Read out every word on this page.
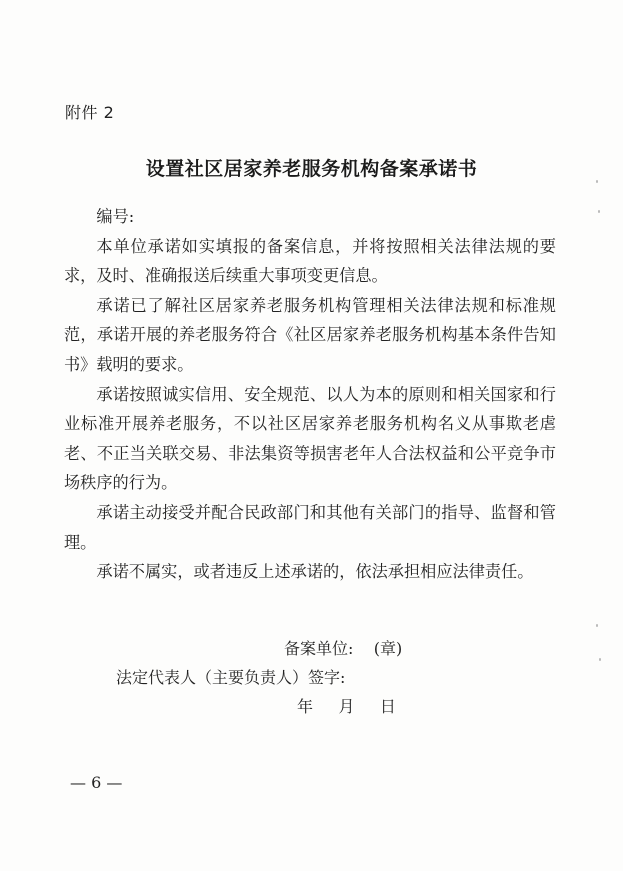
附件 2
设置社区居家养老服务机构备案承诺书

编号:

本单位承诺如实填报的备案信息，并将按照相关法律法规的要求，及时、准确报送后续重大事项变更信息。

承诺已了解社区居家养老服务机构管理相关法律法规和标准规范，承诺开展的养老服务符合《社区居家养老服务机构基本条件告知书》载明的要求。

承诺按照诚实信用、安全规范、以人为本的原则和相关国家和行业标准开展养老服务，不以社区居家养老服务机构名义从事欺老虐老、不正当关联交易、非法集资等损害老年人合法权益和公平竞争市场秩序的行为。

承诺主动接受并配合民政部门和其他有关部门的指导、监督和管理。

承诺不属实，或者违反上述承诺的，依法承担相应法律责任。

备案单位: (章)
法定代表人（主要负责人）签字:
年 月 日
— 6 —
